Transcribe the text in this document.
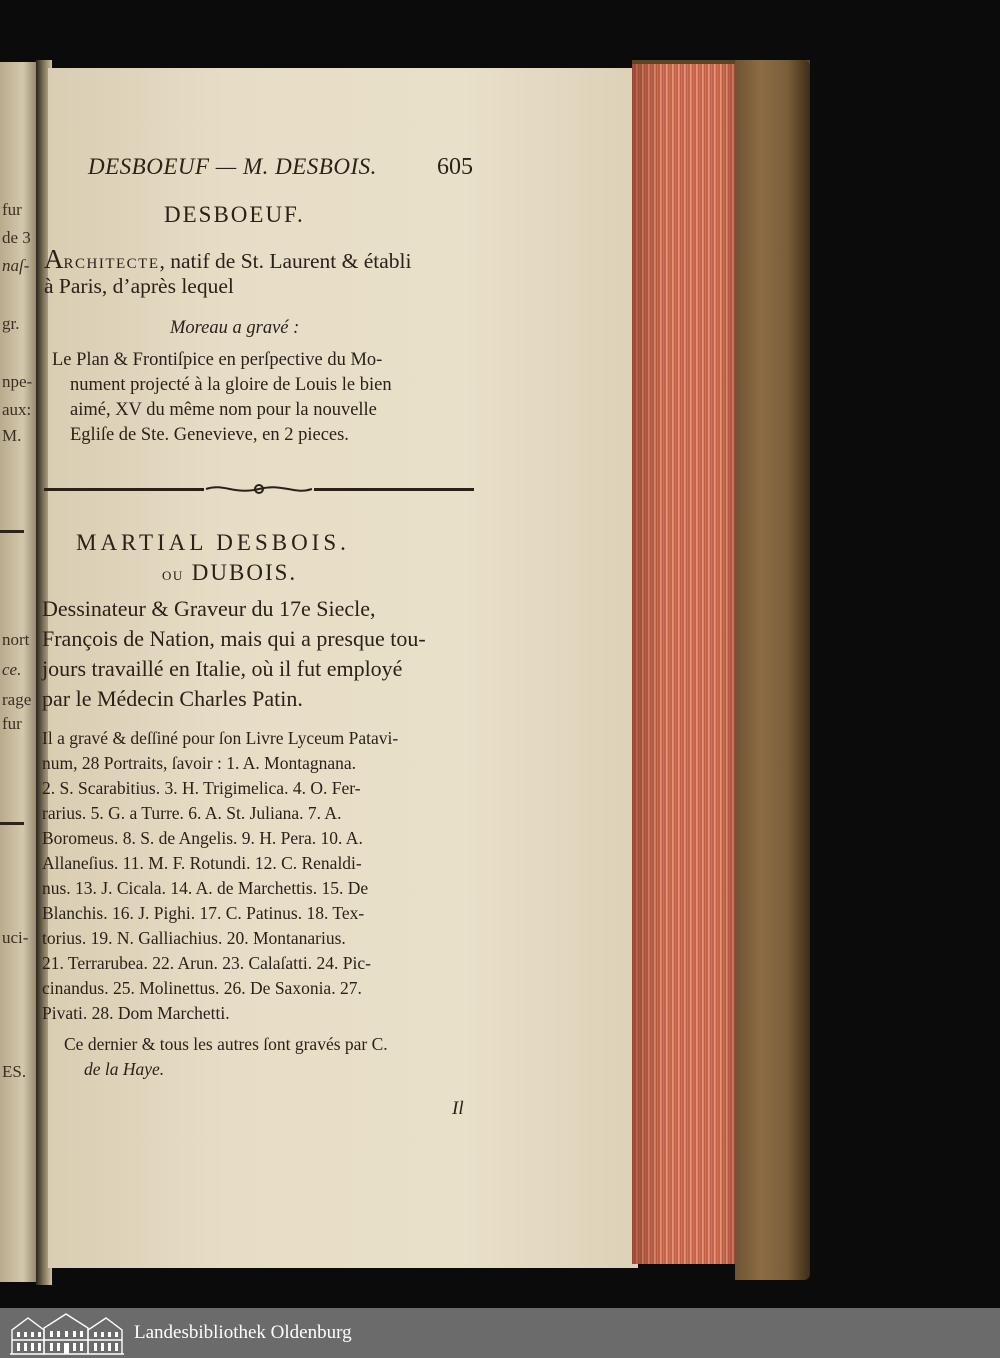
fur
de 3
naſ-
gr.
npe-
aux:
M.
nort
ce.
rage
fur
uci-
ES.
DESBOEUF — M. DESBOIS.	605
DESBOEUF.
Architecte, natif de St. Laurent & établi
à Paris, d’après lequel
Moreau a gravé :
Le Plan & Frontiſpice en perſpective du Mo-
nument projecté à la gloire de Louis le bien
aimé, XV du même nom pour la nouvelle
Egliſe de Ste. Genevieve, en 2 pieces.
MARTIAL DESBOIS.
ou DUBOIS.
Dessinateur & Graveur du 17e Siecle,
François de Nation, mais qui a presque tou-
jours travaillé en Italie, où il fut employé
par le Médecin Charles Patin.
Il a gravé & deſſiné pour ſon Livre Lyceum Patavi-
num, 28 Portraits, ſavoir : 1. A. Montagnana.
2. S. Scarabitius. 3. H. Trigimelica. 4. O. Fer-
rarius. 5. G. a Turre. 6. A. St. Juliana. 7. A.
Boromeus. 8. S. de Angelis. 9. H. Pera. 10. A.
Allaneſius. 11. M. F. Rotundi. 12. C. Renaldi-
nus. 13. J. Cicala. 14. A. de Marchettis. 15. De
Blanchis. 16. J. Pighi. 17. C. Patinus. 18. Tex-
torius. 19. N. Galliachius. 20. Montanarius.
21. Terrarubea. 22. Arun. 23. Calaſatti. 24. Pic-
cinandus. 25. Molinettus. 26. De Saxonia. 27.
Pivati. 28. Dom Marchetti.
Ce dernier & tous les autres ſont gravés par C.
de la Haye.
Il
Landesbibliothek Oldenburg
